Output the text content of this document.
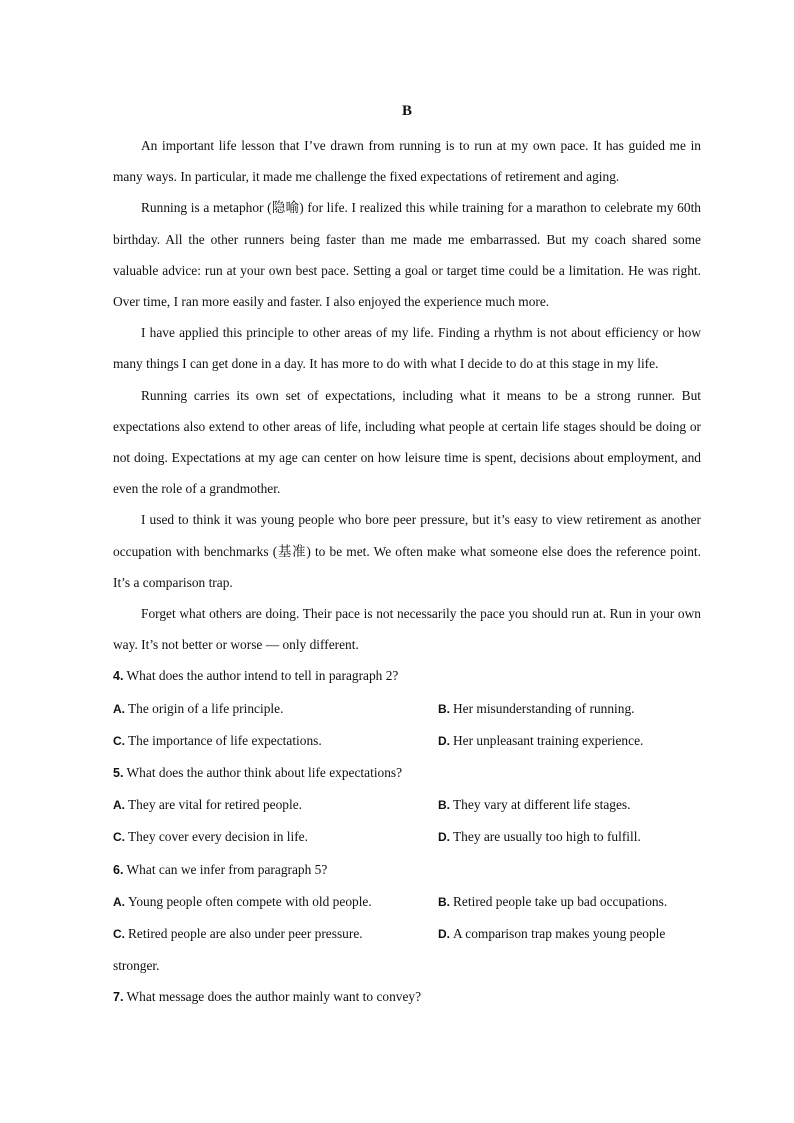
B

An important life lesson that I’ve drawn from running is to run at my own pace. It has guided me in many ways. In particular, it made me challenge the fixed expectations of retirement and aging.

Running is a metaphor (隐喻) for life. I realized this while training for a marathon to celebrate my 60th birthday. All the other runners being faster than me made me embarrassed. But my coach shared some valuable advice: run at your own best pace. Setting a goal or target time could be a limitation. He was right. Over time, I ran more easily and faster. I also enjoyed the experience much more.

I have applied this principle to other areas of my life. Finding a rhythm is not about efficiency or how many things I can get done in a day. It has more to do with what I decide to do at this stage in my life.

Running carries its own set of expectations, including what it means to be a strong runner. But expectations also extend to other areas of life, including what people at certain life stages should be doing or not doing. Expectations at my age can center on how leisure time is spent, decisions about employment, and even the role of a grandmother.

I used to think it was young people who bore peer pressure, but it’s easy to view retirement as another occupation with benchmarks (基准) to be met. We often make what someone else does the reference point. It’s a comparison trap.

Forget what others are doing. Their pace is not necessarily the pace you should run at. Run in your own way. It’s not better or worse — only different.

4. What does the author intend to tell in paragraph 2?

A. The origin of a life principle.	B. Her misunderstanding of running.
C. The importance of life expectations.	D. Her unpleasant training experience.

5. What does the author think about life expectations?

A. They are vital for retired people.	B. They vary at different life stages.
C. They cover every decision in life.	D. They are usually too high to fulfill.

6. What can we infer from paragraph 5?

A. Young people often compete with old people.	B. Retired people take up bad occupations.
C. Retired people are also under peer pressure.	D. A comparison trap makes young people
stronger.

7. What message does the author mainly want to convey?
